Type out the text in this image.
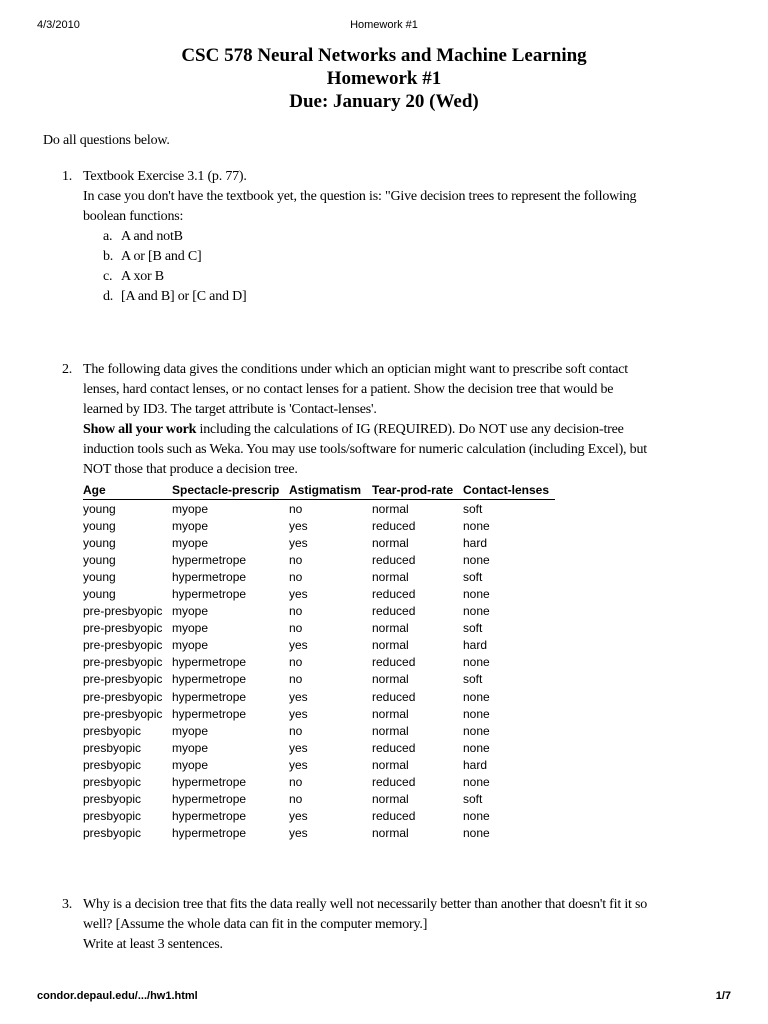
4/3/2010	Homework #1
CSC 578 Neural Networks and Machine Learning
Homework #1
Due: January 20 (Wed)
Do all questions below.
1. Textbook Exercise 3.1 (p. 77).
In case you don't have the textbook yet, the question is: "Give decision trees to represent the following
boolean functions:
a. A and notB
b. A or [B and C]
c. A xor B
d. [A and B] or [C and D]
2. The following data gives the conditions under which an optician might want to prescribe soft contact
lenses, hard contact lenses, or no contact lenses for a patient. Show the decision tree that would be
learned by ID3. The target attribute is 'Contact-lenses'.
Show all your work including the calculations of IG (REQUIRED). Do NOT use any decision-tree
induction tools such as Weka. You may use tools/software for numeric calculation (including Excel), but
NOT those that produce a decision tree.
Age	Spectacle-prescrip	Astigmatism	Tear-prod-rate	Contact-lenses
young	myope	no	normal	soft
young	myope	yes	reduced	none
young	myope	yes	normal	hard
young	hypermetrope	no	reduced	none
young	hypermetrope	no	normal	soft
young	hypermetrope	yes	reduced	none
pre-presbyopic	myope	no	reduced	none
pre-presbyopic	myope	no	normal	soft
pre-presbyopic	myope	yes	normal	hard
pre-presbyopic	hypermetrope	no	reduced	none
pre-presbyopic	hypermetrope	no	normal	soft
pre-presbyopic	hypermetrope	yes	reduced	none
pre-presbyopic	hypermetrope	yes	normal	none
presbyopic	myope	no	normal	none
presbyopic	myope	yes	reduced	none
presbyopic	myope	yes	normal	hard
presbyopic	hypermetrope	no	reduced	none
presbyopic	hypermetrope	no	normal	soft
presbyopic	hypermetrope	yes	reduced	none
presbyopic	hypermetrope	yes	normal	none
3. Why is a decision tree that fits the data really well not necessarily better than another that doesn't fit it so
well? [Assume the whole data can fit in the computer memory.]
Write at least 3 sentences.
condor.depaul.edu/.../hw1.html	1/7
